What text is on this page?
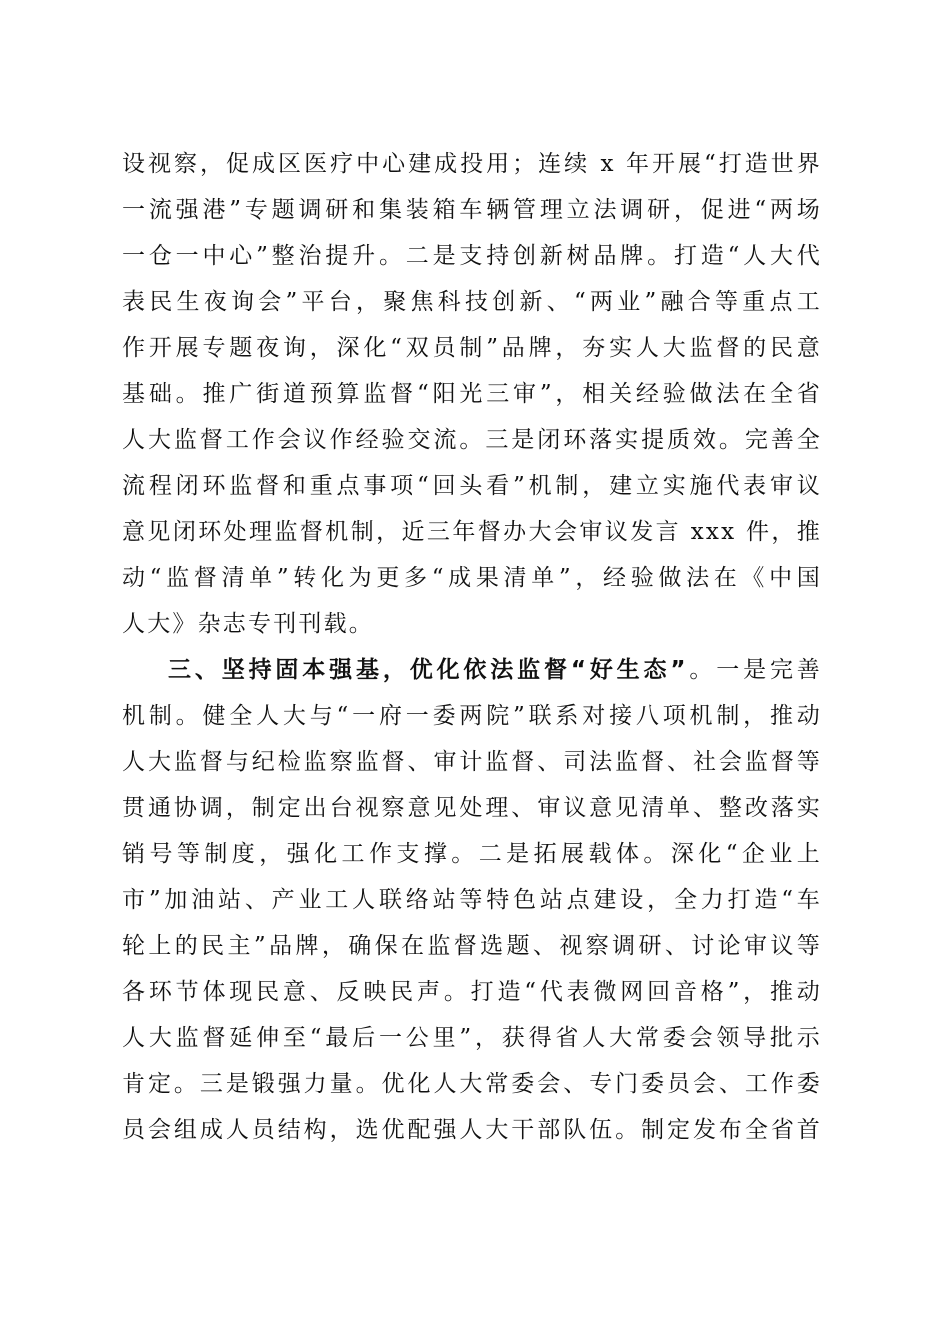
设视察，促成区医疗中心建成投用；连续 x 年开展“打造世界
一流强港”专题调研和集装箱车辆管理立法调研，促进“两场
一仓一中心”整治提升。二是支持创新树品牌。打造“人大代
表民生夜询会”平台，聚焦科技创新、“两业”融合等重点工
作开展专题夜询，深化“双员制”品牌，夯实人大监督的民意
基础。推广街道预算监督“阳光三审”，相关经验做法在全省
人大监督工作会议作经验交流。三是闭环落实提质效。完善全
流程闭环监督和重点事项“回头看”机制，建立实施代表审议
意见闭环处理监督机制，近三年督办大会审议发言 xxx 件，推
动“监督清单”转化为更多“成果清单”，经验做法在《中国
人大》杂志专刊刊载。
三、坚持固本强基，优化依法监督“好生态”。一是完善
机制。健全人大与“一府一委两院”联系对接八项机制，推动
人大监督与纪检监察监督、审计监督、司法监督、社会监督等
贯通协调，制定出台视察意见处理、审议意见清单、整改落实
销号等制度，强化工作支撑。二是拓展载体。深化“企业上
市”加油站、产业工人联络站等特色站点建设，全力打造“车
轮上的民主”品牌，确保在监督选题、视察调研、讨论审议等
各环节体现民意、反映民声。打造“代表微网回音格”，推动
人大监督延伸至“最后一公里”，获得省人大常委会领导批示
肯定。三是锻强力量。优化人大常委会、专门委员会、工作委
员会组成人员结构，选优配强人大干部队伍。制定发布全省首
